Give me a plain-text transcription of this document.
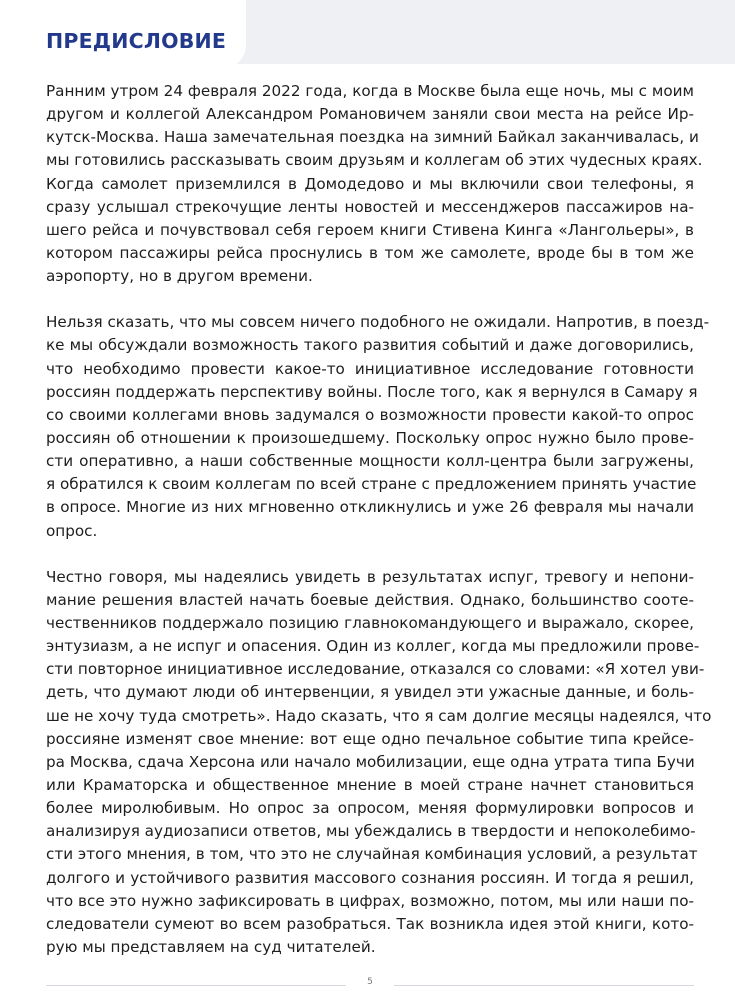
ПРЕДИСЛОВИЕ

Ранним утром 24 февраля 2022 года, когда в Москве была еще ночь, мы с моим
другом и коллегой Александром Романовичем заняли свои места на рейсе Ир-
кутск-Москва. Наша замечательная поездка на зимний Байкал заканчивалась, и
мы готовились рассказывать своим друзьям и коллегам об этих чудесных краях.
Когда самолет приземлился в Домодедово и мы включили свои телефоны, я
сразу услышал стрекочущие ленты новостей и мессенджеров пассажиров на-
шего рейса и почувствовал себя героем книги Стивена Кинга «Лангольеры», в
котором пассажиры рейса проснулись в том же самолете, вроде бы в том же
аэропорту, но в другом времени.

Нельзя сказать, что мы совсем ничего подобного не ожидали. Напротив, в поезд-
ке мы обсуждали возможность такого развития событий и даже договорились,
что необходимо провести какое-то инициативное исследование готовности
россиян поддержать перспективу войны. После того, как я вернулся в Самару я
со своими коллегами вновь задумался о возможности провести какой-то опрос
россиян об отношении к произошедшему. Поскольку опрос нужно было прове-
сти оперативно, а наши собственные мощности колл-центра были загружены,
я обратился к своим коллегам по всей стране с предложением принять участие
в опросе. Многие из них мгновенно откликнулись и уже 26 февраля мы начали
опрос.

Честно говоря, мы надеялись увидеть в результатах испуг, тревогу и непони-
мание решения властей начать боевые действия. Однако, большинство сооте-
чественников поддержало позицию главнокомандующего и выражало, скорее,
энтузиазм, а не испуг и опасения. Один из коллег, когда мы предложили прове-
сти повторное инициативное исследование, отказался со словами: «Я хотел уви-
деть, что думают люди об интервенции, я увидел эти ужасные данные, и боль-
ше не хочу туда смотреть». Надо сказать, что я сам долгие месяцы надеялся, что
россияне изменят свое мнение: вот еще одно печальное событие типа крейсе-
ра Москва, сдача Херсона или начало мобилизации, еще одна утрата типа Бучи
или Краматорска и общественное мнение в моей стране начнет становиться
более миролюбивым. Но опрос за опросом, меняя формулировки вопросов и
анализируя аудиозаписи ответов, мы убеждались в твердости и непоколебимо-
сти этого мнения, в том, что это не случайная комбинация условий, а результат
долгого и устойчивого развития массового сознания россиян. И тогда я решил,
что все это нужно зафиксировать в цифрах, возможно, потом, мы или наши по-
следователи сумеют во всем разобраться. Так возникла идея этой книги, кото-
рую мы представляем на суд читателей.

5
